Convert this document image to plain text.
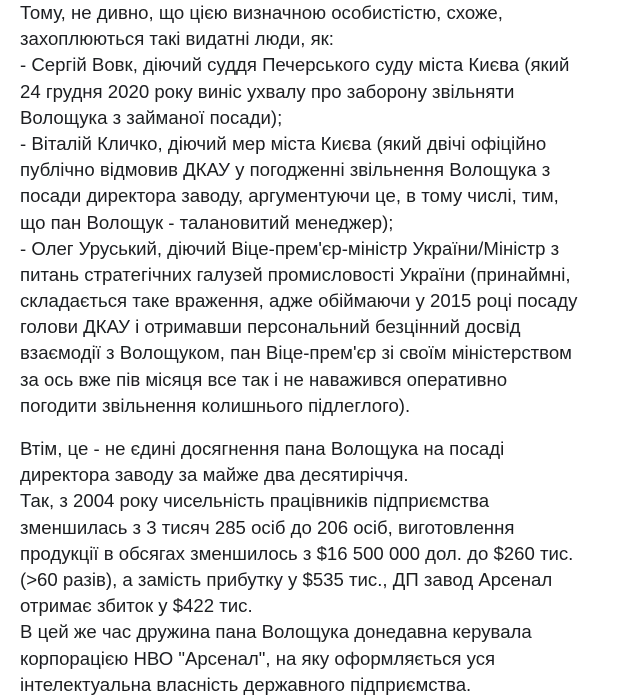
Тому, не дивно, що цією визначною особистістю, схоже,
захоплюються такі видатні люди, як:
- Сергій Вовк, діючий суддя Печерського суду міста Києва (який
24 грудня 2020 року виніс ухвалу про заборону звільняти
Волощука з займаної посади);
- Віталій Кличко, діючий мер міста Києва (який двічі офіційно
публічно відмовив ДКАУ у погодженні звільнення Волощука з
посади директора заводу, аргументуючи це, в тому числі, тим,
що пан Волощук - талановитий менеджер);
- Олег Уруський, діючий Віце-прем'єр-міністр України/Міністр з
питань стратегічних галузей промисловості України (принаймні,
складається таке враження, адже обіймаючи у 2015 році посаду
голови ДКАУ і отримавши персональний безцінний досвід
взаємодії з Волощуком, пан Віце-прем'єр зі своїм міністерством
за ось вже пів місяця все так і не наважився оперативно
погодити звільнення колишнього підлеглого).
Втім, це - не єдині досягнення пана Волощука на посаді
директора заводу за майже два десятиріччя.
Так, з 2004 року чисельність працівників підприємства
зменшилась з 3 тисяч 285 осіб до 206 осіб, виготовлення
продукції в обсягах зменшилось з $16 500 000 дол. до $260 тис.
(>60 разів), а замість прибутку у $535 тис., ДП завод Арсенал
отримає збиток у $422 тис.
В цей же час дружина пана Волощука донедавна керувала
корпорацією НВО "Арсенал", на яку оформляється уся
інтелектуальна власність державного підприємства.
